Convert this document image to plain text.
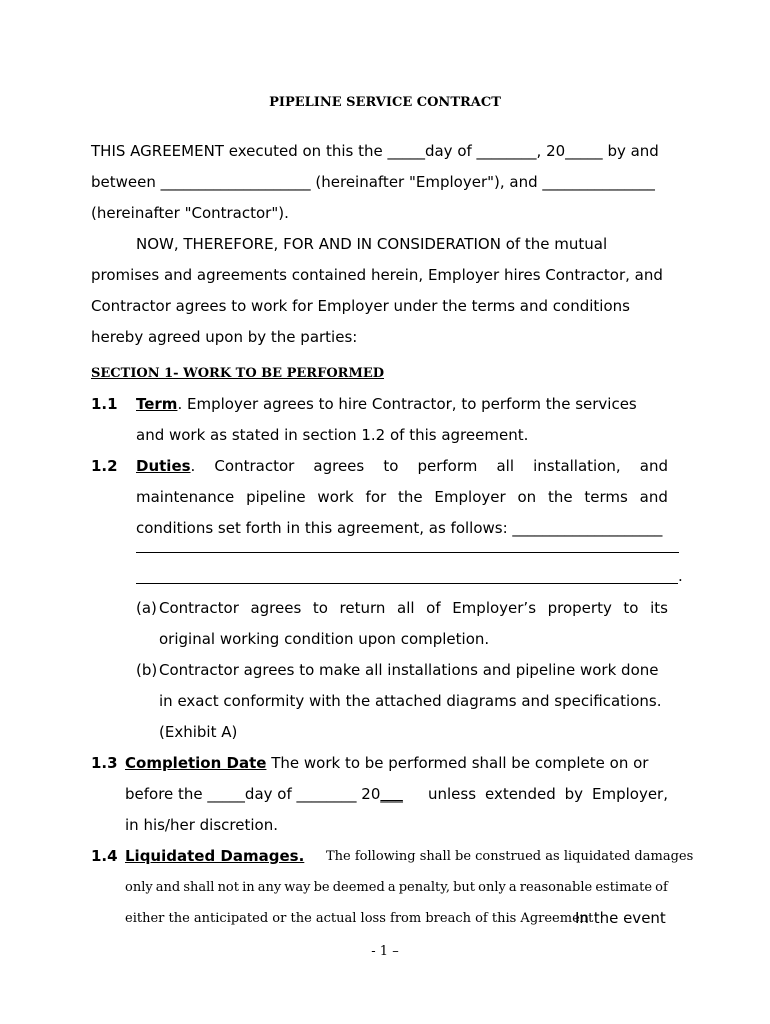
PIPELINE SERVICE CONTRACT
THIS AGREEMENT executed on this the _____day of ________, 20_____ by and
between ____________________ (hereinafter "Employer"), and _______________
(hereinafter "Contractor").
NOW, THEREFORE, FOR AND IN CONSIDERATION of the mutual
promises and agreements contained herein, Employer hires Contractor, and
Contractor agrees to work for Employer under the terms and conditions
hereby agreed upon by the parties:
SECTION 1- WORK TO BE PERFORMED
1.1 Term. Employer agrees to hire Contractor, to perform the services
and work as stated in section 1.2 of this agreement.
1.2 Duties. Contractor agrees to perform all installation, and
maintenance pipeline work for the Employer on the terms and
conditions set forth in this agreement, as follows: ____________________
.
(a) Contractor agrees to return all of Employer’s property to its
original working condition upon completion.
(b) Contractor agrees to make all installations and pipeline work done
in exact conformity with the attached diagrams and specifications.
(Exhibit A)
1.3 Completion Date The work to be performed shall be complete on or
before the _____day of ________ 20___ unless extended by Employer,
in his/her discretion.
1.4 Liquidated Damages. The following shall be construed as liquidated damages
only and shall not in any way be deemed a penalty, but only a reasonable estimate of
either the anticipated or the actual loss from breach of this Agreement
In the event
- 1 –
